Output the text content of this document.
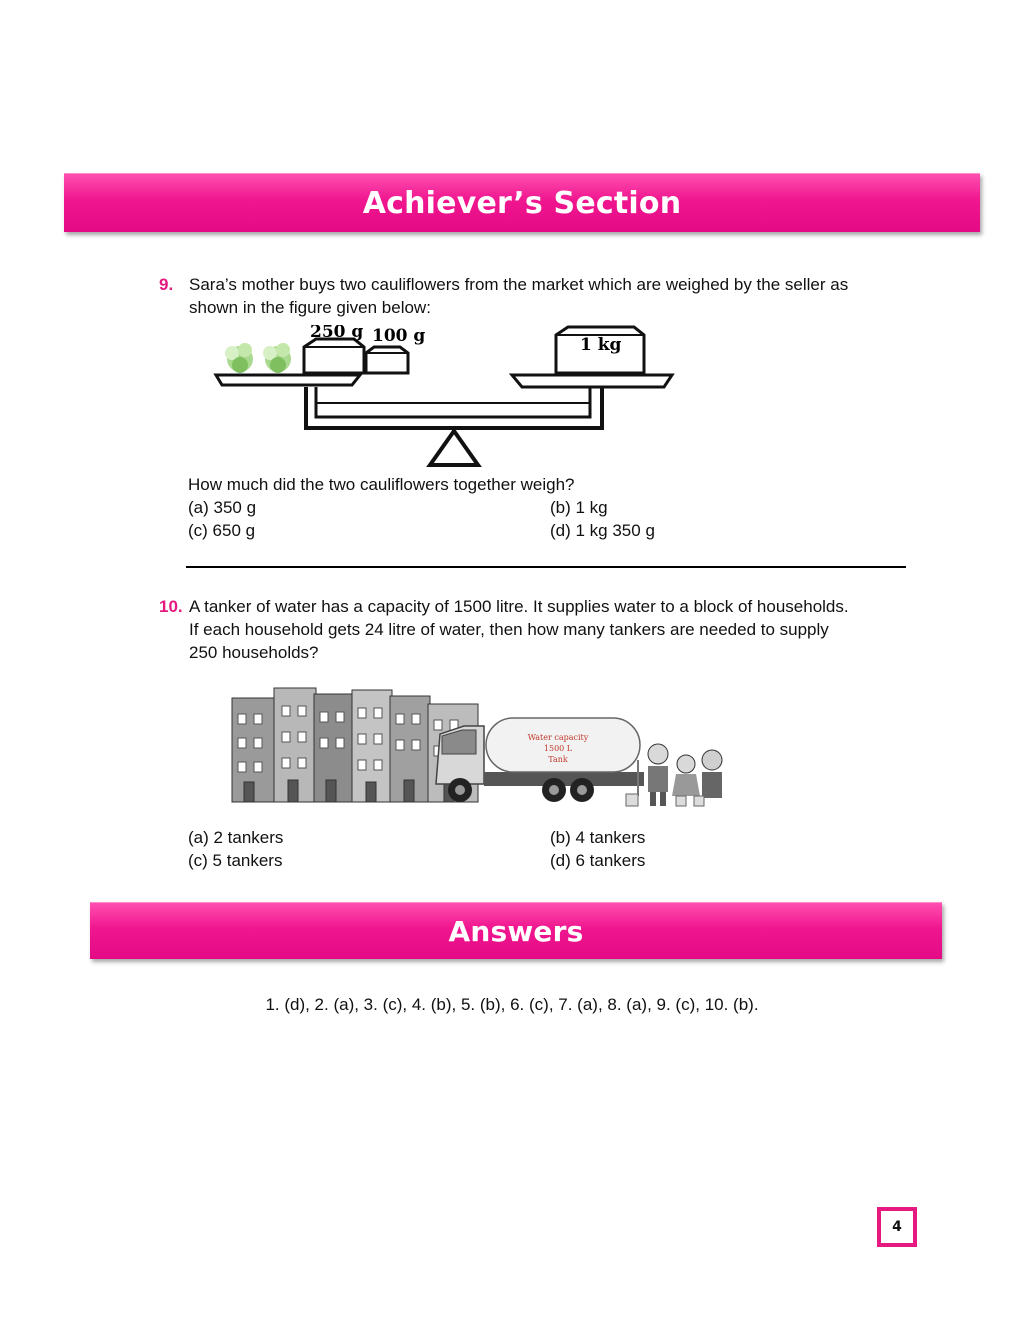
Achiever’s Section
9. Sara’s mother buys two cauliflowers from the market which are weighed by the seller as
shown in the figure given below:
250 g 100 g	1 kg
How much did the two cauliflowers together weigh?
(a) 350 g	(b) 1 kg
(c) 650 g	(d) 1 kg 350 g
10. A tanker of water has a capacity of 1500 litre. It supplies water to a block of households.
If each household gets 24 litre of water, then how many tankers are needed to supply
250 households?
Water capacity
1500 L
Tank
(a) 2 tankers	(b) 4 tankers
(c) 5 tankers	(d) 6 tankers
Answers
1. (d), 2. (a), 3. (c), 4. (b), 5. (b), 6. (c), 7. (a), 8. (a), 9. (c), 10. (b).
4
